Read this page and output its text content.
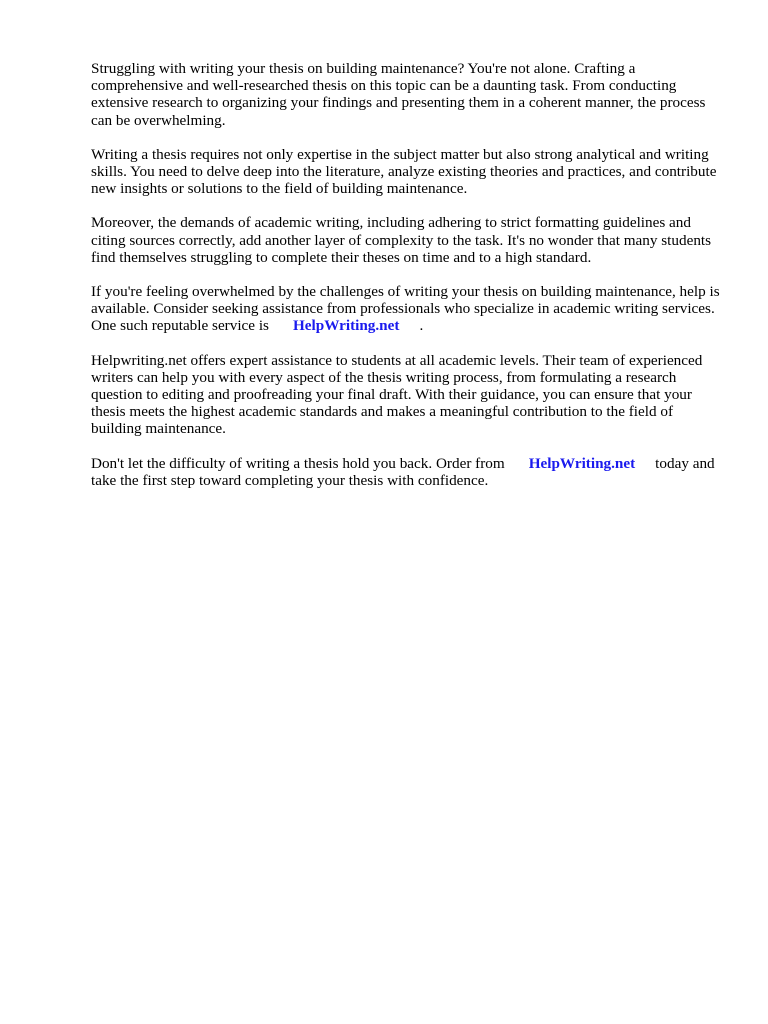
Struggling with writing your thesis on building maintenance? You're not alone. Crafting a comprehensive and well-researched thesis on this topic can be a daunting task. From conducting extensive research to organizing your findings and presenting them in a coherent manner, the process can be overwhelming.

Writing a thesis requires not only expertise in the subject matter but also strong analytical and writing skills. You need to delve deep into the literature, analyze existing theories and practices, and contribute new insights or solutions to the field of building maintenance.

Moreover, the demands of academic writing, including adhering to strict formatting guidelines and citing sources correctly, add another layer of complexity to the task. It's no wonder that many students find themselves struggling to complete their theses on time and to a high standard.

If you're feeling overwhelmed by the challenges of writing your thesis on building maintenance, help is available. Consider seeking assistance from professionals who specialize in academic writing services. One such reputable service is HelpWriting.net .

Helpwriting.net offers expert assistance to students at all academic levels. Their team of experienced writers can help you with every aspect of the thesis writing process, from formulating a research question to editing and proofreading your final draft. With their guidance, you can ensure that your thesis meets the highest academic standards and makes a meaningful contribution to the field of building maintenance.

Don't let the difficulty of writing a thesis hold you back. Order from HelpWriting.net today and take the first step toward completing your thesis with confidence.
